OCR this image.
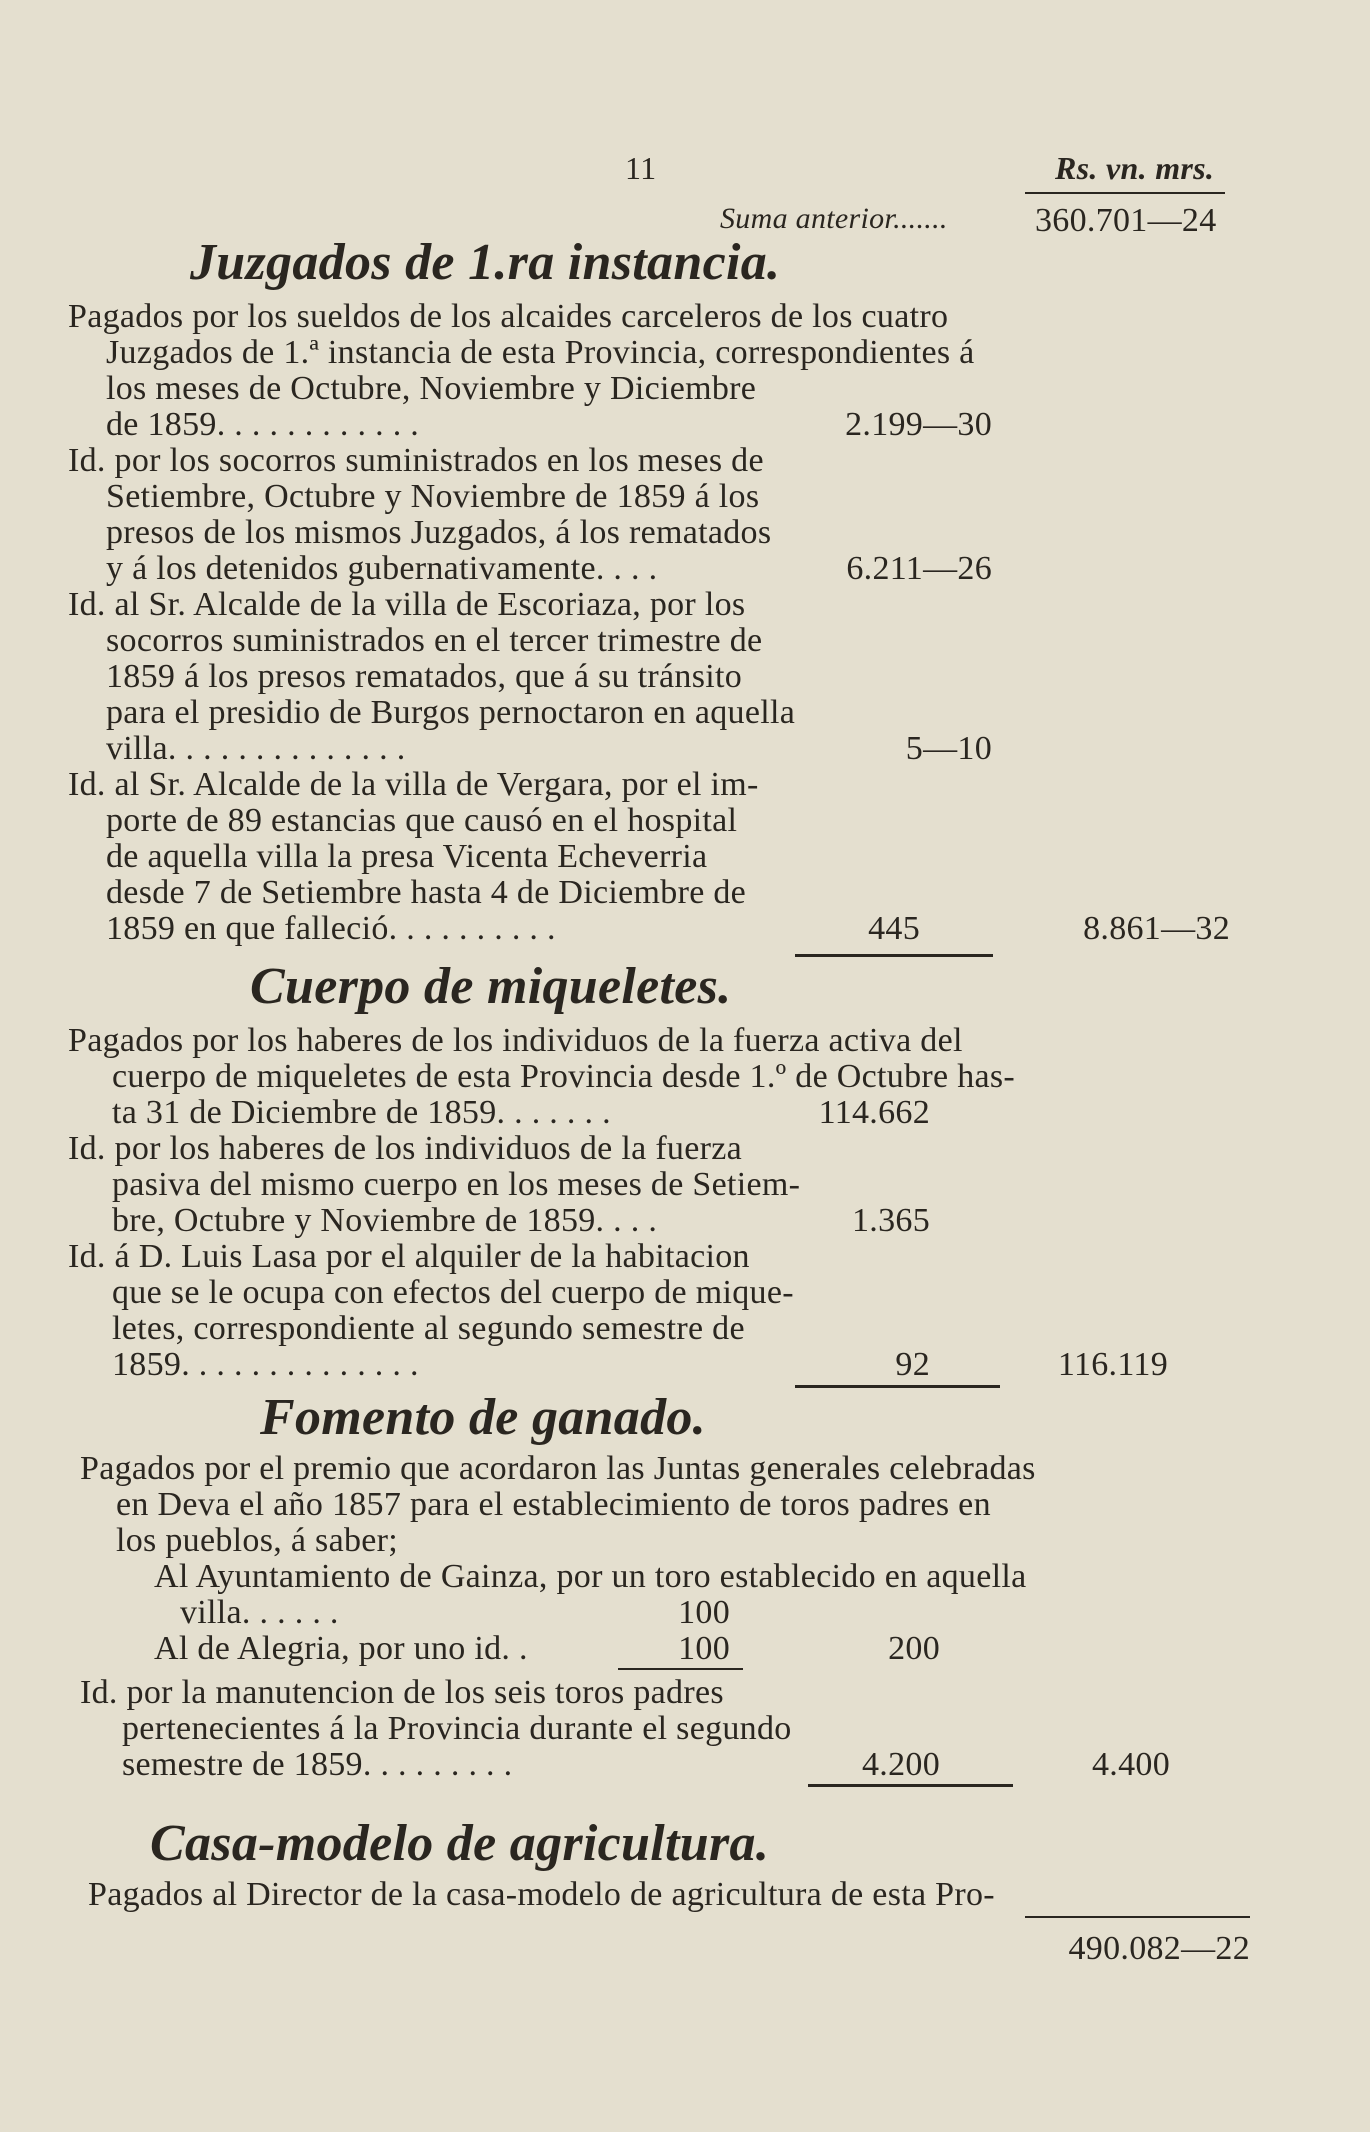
11	Rs. vn. mrs.
Suma anterior.......	360.701—24
Juzgados de 1.ra instancia.
Pagados por los sueldos de los alcaides carceleros de los cuatro
Juzgados de 1.ª instancia de esta Provincia, correspondientes á
los meses de Octubre, Noviembre y Diciembre
de 1859. . . . . . . . . . . .	2.199—30
Id. por los socorros suministrados en los meses de
Setiembre, Octubre y Noviembre de 1859 á los
presos de los mismos Juzgados, á los rematados
y á los detenidos gubernativamente. . . .	6.211—26
Id. al Sr. Alcalde de la villa de Escoriaza, por los
socorros suministrados en el tercer trimestre de
1859 á los presos rematados, que á su tránsito
para el presidio de Burgos pernoctaron en aquella
villa. . . . . . . . . . . . . .	5—10
Id. al Sr. Alcalde de la villa de Vergara, por el im-
porte de 89 estancias que causó en el hospital
de aquella villa la presa Vicenta Echeverria
desde 7 de Setiembre hasta 4 de Diciembre de
1859 en que falleció. . . . . . . . . .	445	8.861—32
Cuerpo de miqueletes.
Pagados por los haberes de los individuos de la fuerza activa del
cuerpo de miqueletes de esta Provincia desde 1.º de Octubre has-
ta 31 de Diciembre de 1859. . . . . . .	114.662
Id. por los haberes de los individuos de la fuerza
pasiva del mismo cuerpo en los meses de Setiem-
bre, Octubre y Noviembre de 1859. . . .	1.365
Id. á D. Luis Lasa por el alquiler de la habitacion
que se le ocupa con efectos del cuerpo de mique-
letes, correspondiente al segundo semestre de
1859. . . . . . . . . . . . . .	92	116.119
Fomento de ganado.
Pagados por el premio que acordaron las Juntas generales celebradas
en Deva el año 1857 para el establecimiento de toros padres en
los pueblos, á saber;
Al Ayuntamiento de Gainza, por un toro establecido en aquella
villa. . . . . .	100
Al de Alegria, por uno id. .	100	200
Id. por la manutencion de los seis toros padres
pertenecientes á la Provincia durante el segundo
semestre de 1859. . . . . . . . .	4.200	4.400
Casa-modelo de agricultura.
Pagados al Director de la casa-modelo de agricultura de esta Pro-
490.082—22
